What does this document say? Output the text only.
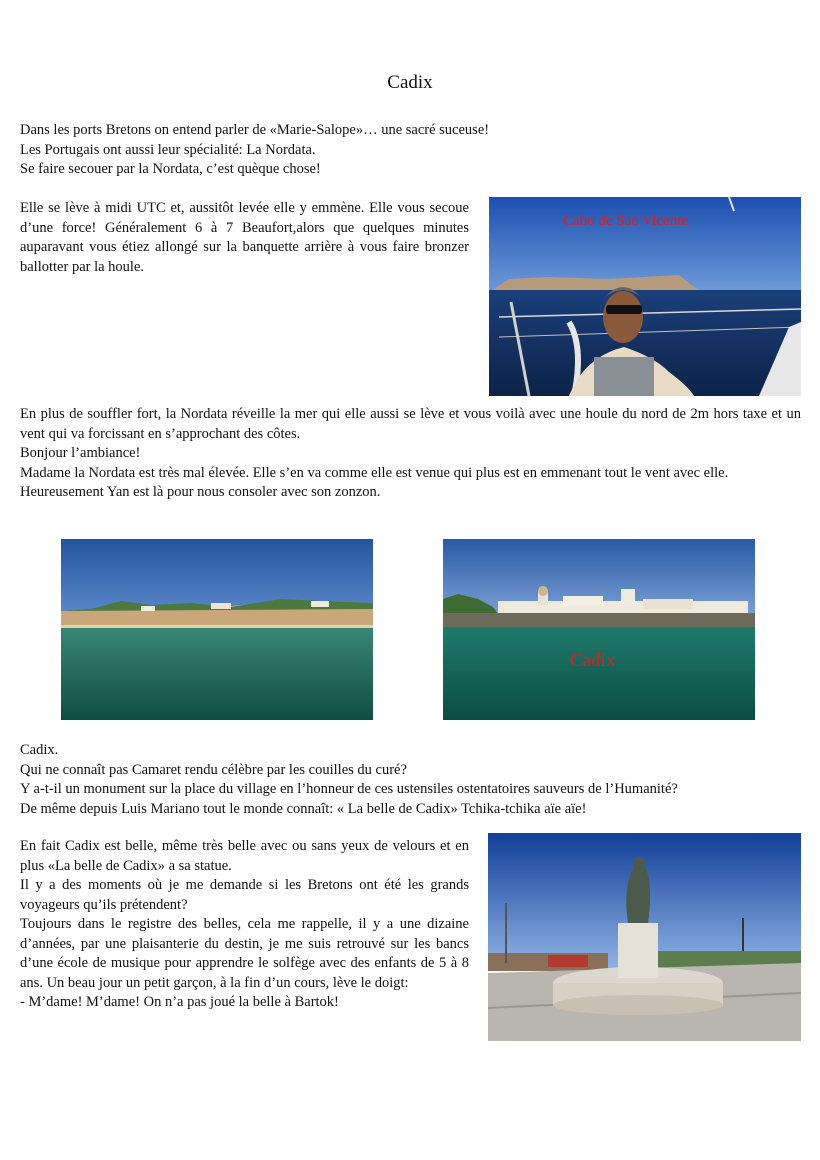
Cadix

Dans les ports Bretons on entend parler de «Marie-Salope»… une sacré suceuse!

Les Portugais ont aussi leur spécialité: La Nordata.

Se faire secouer par la Nordata, c’est quèque chose!

Elle se lève à midi UTC et, aussitôt levée elle y emmène. Elle vous secoue d’une force! Généralement 6 à 7 Beaufort,alors que quelques minutes auparavant vous étiez allongé sur la banquette arrière à vous faire bronzer ballotter par la houle.

Cabo de Sao Vicente

En plus de souffler fort, la Nordata réveille la mer qui elle aussi se lève et vous voilà avec une houle du nord de 2m hors taxe et un vent qui va forcissant en s’approchant des côtes.

Bonjour l’ambiance!

Madame la Nordata est très mal élevée. Elle s’en va comme elle est venue qui plus est en emmenant tout le vent avec elle.

Heureusement Yan est là pour nous consoler avec son zonzon.

Cadix

Cadix.

Qui ne connaît pas Camaret rendu célèbre par les couilles du curé?

Y a-t-il un monument sur la place du village en l’honneur de ces ustensiles ostentatoires sauveurs de l’Humanité?

De même depuis Luis Mariano tout le monde connaît: « La belle de Cadix» Tchika-tchika aïe aïe!

En fait Cadix est belle, même très belle avec ou sans yeux de velours et en plus «La belle de Cadix» a sa statue.

Il y a des moments où je me demande si les Bretons ont été les grands voyageurs qu’ils prétendent?

Toujours dans le registre des belles, cela me rappelle, il y a une dizaine d’années, par une plaisanterie du destin, je me suis retrouvé sur les bancs d’une école de musique pour apprendre le solfège avec des enfants de 5 à 8 ans. Un beau jour un petit garçon, à la fin d’un cours, lève le doigt:

- M’dame! M’dame! On n’a pas joué la belle à Bartok!
